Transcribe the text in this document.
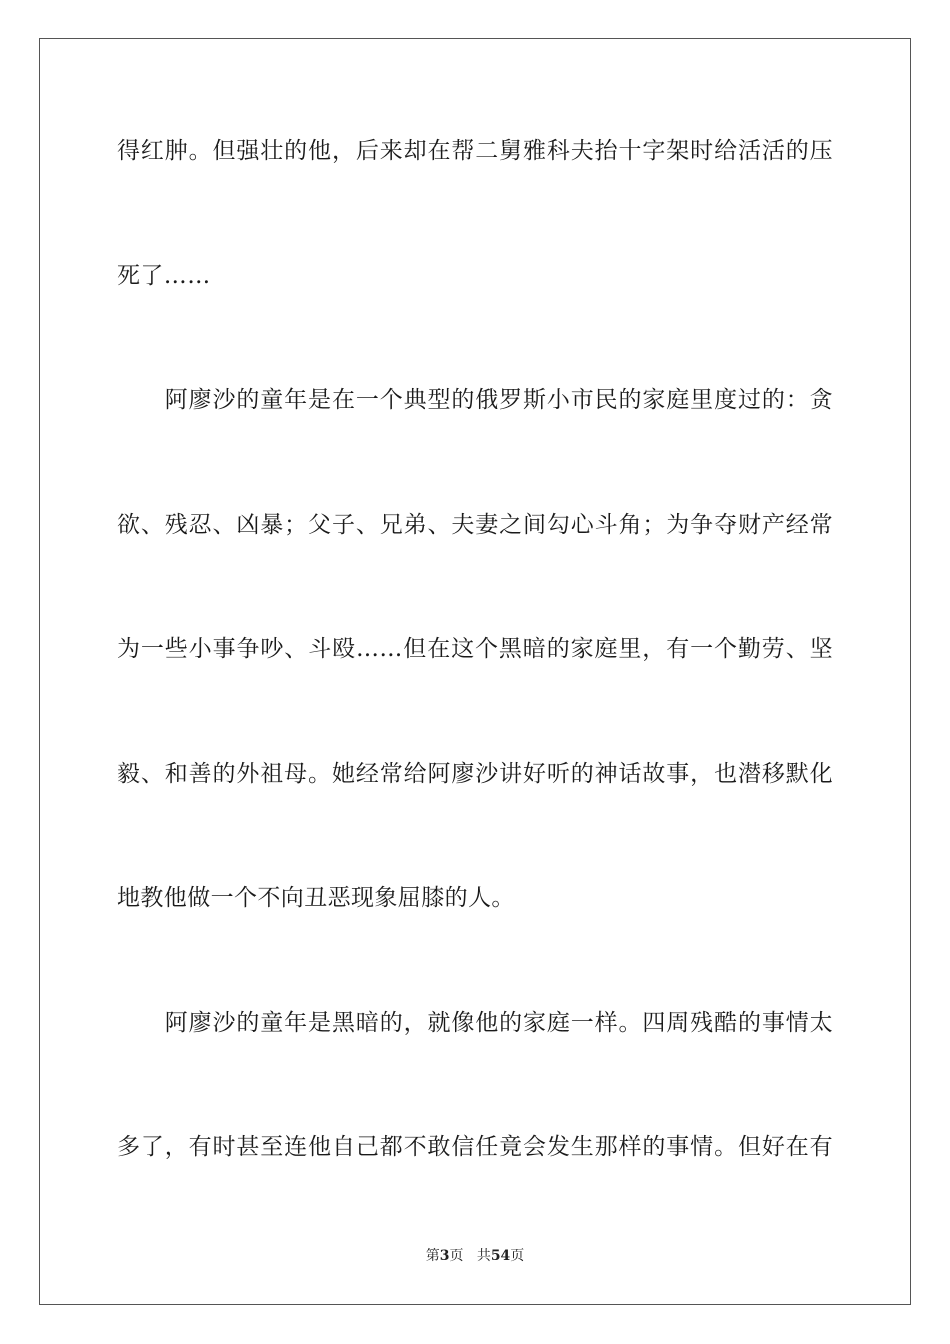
得红肿。但强壮的他，后来却在帮二舅雅科夫抬十字架时给活活的压
死了……
　　阿廖沙的童年是在一个典型的俄罗斯小市民的家庭里度过的：贪
欲、残忍、凶暴；父子、兄弟、夫妻之间勾心斗角；为争夺财产经常
为一些小事争吵、斗殴……但在这个黑暗的家庭里，有一个勤劳、坚
毅、和善的外祖母。她经常给阿廖沙讲好听的神话故事，也潜移默化
地教他做一个不向丑恶现象屈膝的人。
　　阿廖沙的童年是黑暗的，就像他的家庭一样。四周残酷的事情太
多了，有时甚至连他自己都不敢信任竟会发生那样的事情。但好在有
第3页 共54页
